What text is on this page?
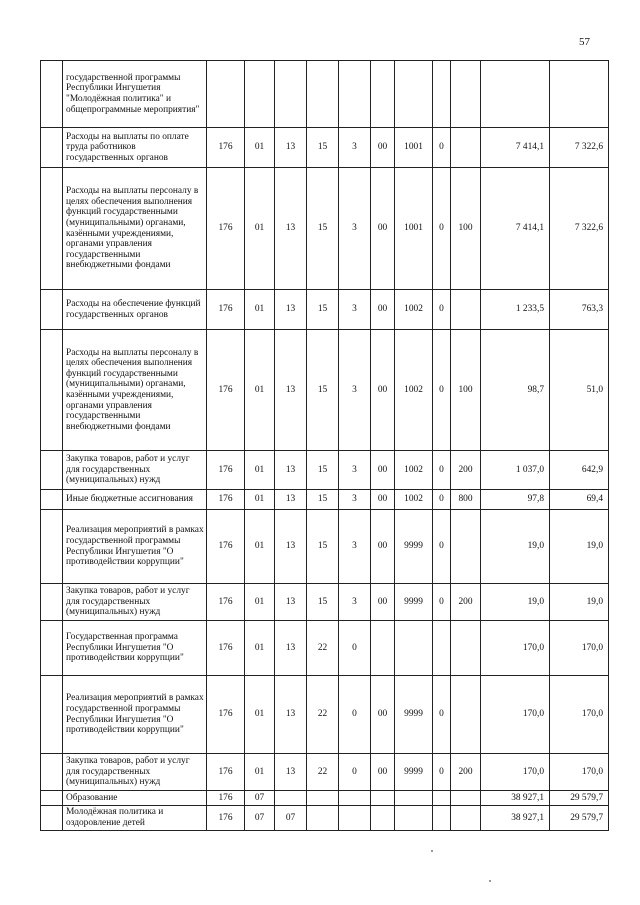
57
	государственной программы Республики Ингушетия "Молодёжная политика" и общепрограммные мероприятия"											
	Расходы на выплаты по оплате труда работников государственных органов	176	01	13	15	3	00	1001	0		7 414,1	7 322,6
	Расходы на выплаты персоналу в целях обеспечения выполнения функций государственными (муниципальными) органами, казёнными учреждениями, органами управления государственными внебюджетными фондами	176	01	13	15	3	00	1001	0	100	7 414,1	7 322,6
	Расходы на обеспечение функций государственных органов	176	01	13	15	3	00	1002	0		1 233,5	763,3
	Расходы на выплаты персоналу в целях обеспечения выполнения функций государственными (муниципальными) органами, казёнными учреждениями, органами управления государственными внебюджетными фондами	176	01	13	15	3	00	1002	0	100	98,7	51,0
	Закупка товаров, работ и услуг для государственных (муниципальных) нужд	176	01	13	15	3	00	1002	0	200	1 037,0	642,9
	Иные бюджетные ассигнования	176	01	13	15	3	00	1002	0	800	97,8	69,4
	Реализация мероприятий в рамках государственной программы Республики Ингушетия "О противодействии коррупции"	176	01	13	15	3	00	9999	0		19,0	19,0
	Закупка товаров, работ и услуг для государственных (муниципальных) нужд	176	01	13	15	3	00	9999	0	200	19,0	19,0
	Государственная программа Республики Ингушетия "О противодействии коррупции"	176	01	13	22	0					170,0	170,0
	Реализация мероприятий в рамках государственной программы Республики Ингушетия "О противодействии коррупции"	176	01	13	22	0	00	9999	0		170,0	170,0
	Закупка товаров, работ и услуг для государственных (муниципальных) нужд	176	01	13	22	0	00	9999	0	200	170,0	170,0
	Образование	176	07								38 927,1	29 579,7
	Молодёжная политика и оздоровление детей	176	07	07							38 927,1	29 579,7
